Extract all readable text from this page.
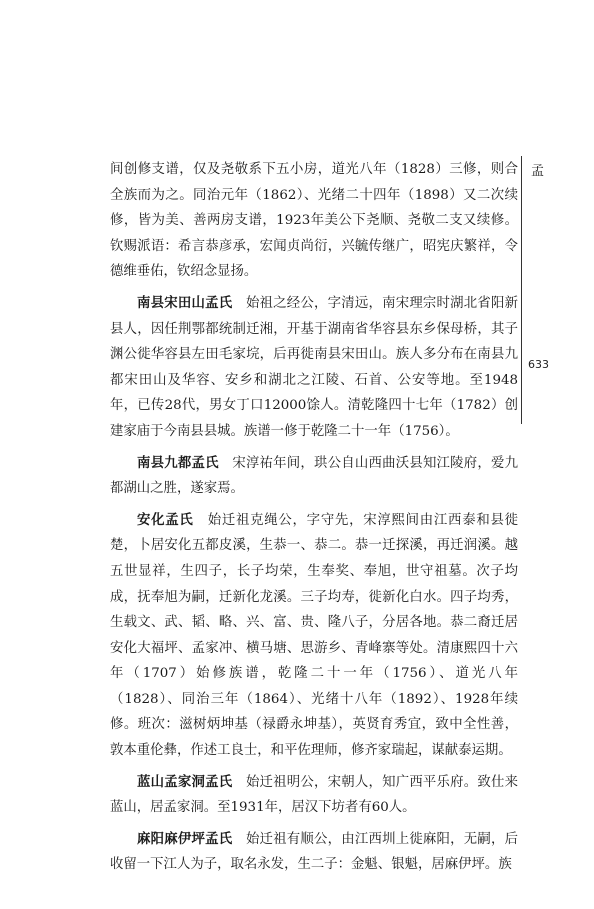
孟
633

间创修支谱，仅及尧敬系下五小房，道光八年（1828）三修，则合全族而为之。同治元年（1862）、光绪二十四年（1898）又二次续修，皆为美、善两房支谱，1923年美公下尧顺、尧敬二支又续修。钦赐派语：希言恭彦承，宏闻贞尚衍，兴毓传继广，昭宪庆繁祥，令德维垂佑，钦绍念显扬。

南县宋田山孟氏　 始祖之经公，字清远，南宋理宗时湖北省阳新县人，因任荆鄂都统制迁湘，开基于湖南省华容县东乡保母桥，其子渊公徙华容县左田毛家垸，后再徙南县宋田山。族人多分布在南县九都宋田山及华容、安乡和湖北之江陵、石首、公安等地。至1948年，已传28代，男女丁口12000馀人。清乾隆四十七年（1782）创建家庙于今南县县城。族谱一修于乾隆二十一年（1756）。

南县九都孟氏　 宋淳祐年间，珙公自山西曲沃县知江陵府，爱九都湖山之胜，遂家焉。

安化孟氏　 始迁祖克绳公，字守先，宋淳熙间由江西泰和县徙楚，卜居安化五都皮溪，生恭一、恭二。恭一迁探溪，再迁润溪。越五世显祥，生四子，长子均荣，生奉奖、奉旭，世守祖墓。次子均成，抚奉旭为嗣，迁新化龙溪。三子均寿，徙新化白水。四子均秀，生载文、武、韬、略、兴、富、贵、隆八子，分居各地。恭二裔迁居安化大福坪、孟家冲、横马塘、思游乡、青峰寨等处。清康熙四十六年（1707）始修族谱，乾隆二十一年（1756）、道光八年（1828）、同治三年（1864）、光绪十八年（1892）、1928年续修。班次：滋树炳坤基（禄爵永坤基），英贤育秀宜，致中全性善，敦本重伦彝，作述工良士，和平佐理师，修齐家瑞起，谋献泰运期。

蓝山孟家洞孟氏　 始迁祖明公，宋朝人，知广西平乐府。致仕来蓝山，居孟家洞。至1931年，居汉下坊者有60人。

麻阳麻伊坪孟氏　 始迁祖有顺公，由江西圳上徙麻阳，无嗣，后收留一下江人为子，取名永发，生二子：金魁、银魁，居麻伊坪。族
